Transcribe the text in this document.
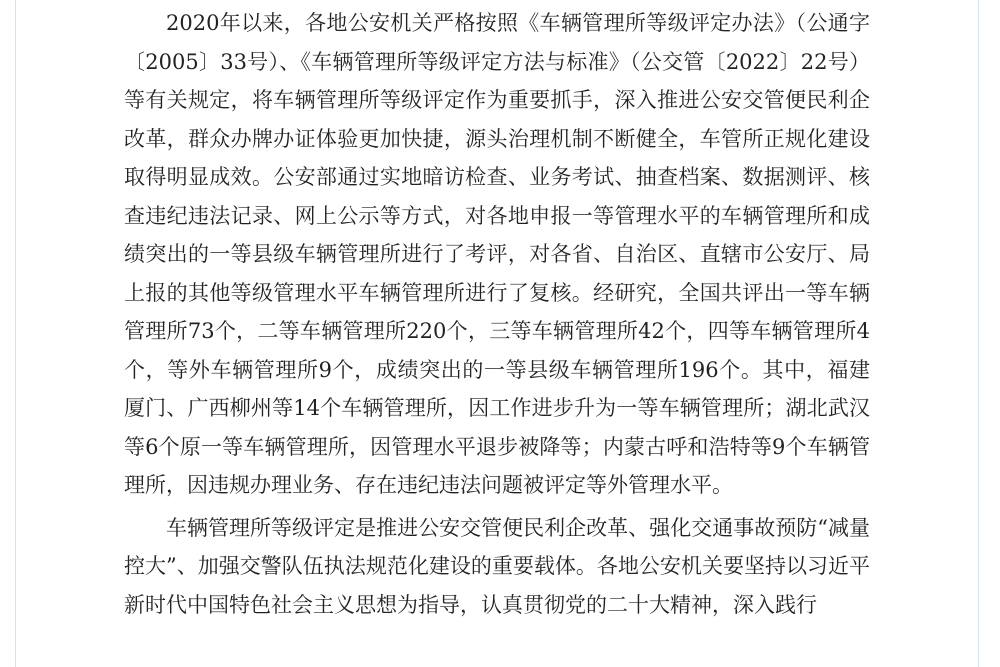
2020年以来，各地公安机关严格按照《车辆管理所等级评定办法》（公通字〔2005〕33号）、《车辆管理所等级评定方法与标准》（公交管〔2022〕22号）等有关规定，将车辆管理所等级评定作为重要抓手，深入推进公安交管便民利企改革，群众办牌办证体验更加快捷，源头治理机制不断健全，车管所正规化建设取得明显成效。公安部通过实地暗访检查、业务考试、抽查档案、数据测评、核查违纪违法记录、网上公示等方式，对各地申报一等管理水平的车辆管理所和成绩突出的一等县级车辆管理所进行了考评，对各省、自治区、直辖市公安厅、局上报的其他等级管理水平车辆管理所进行了复核。经研究，全国共评出一等车辆管理所73个，二等车辆管理所220个，三等车辆管理所42个，四等车辆管理所4个，等外车辆管理所9个，成绩突出的一等县级车辆管理所196个。其中，福建厦门、广西柳州等14个车辆管理所，因工作进步升为一等车辆管理所；湖北武汉等6个原一等车辆管理所，因管理水平退步被降等；内蒙古呼和浩特等9个车辆管理所，因违规办理业务、存在违纪违法问题被评定等外管理水平。

车辆管理所等级评定是推进公安交管便民利企改革、强化交通事故预防“减量控大”、加强交警队伍执法规范化建设的重要载体。各地公安机关要坚持以习近平新时代中国特色社会主义思想为指导，认真贯彻党的二十大精神，深入践行
